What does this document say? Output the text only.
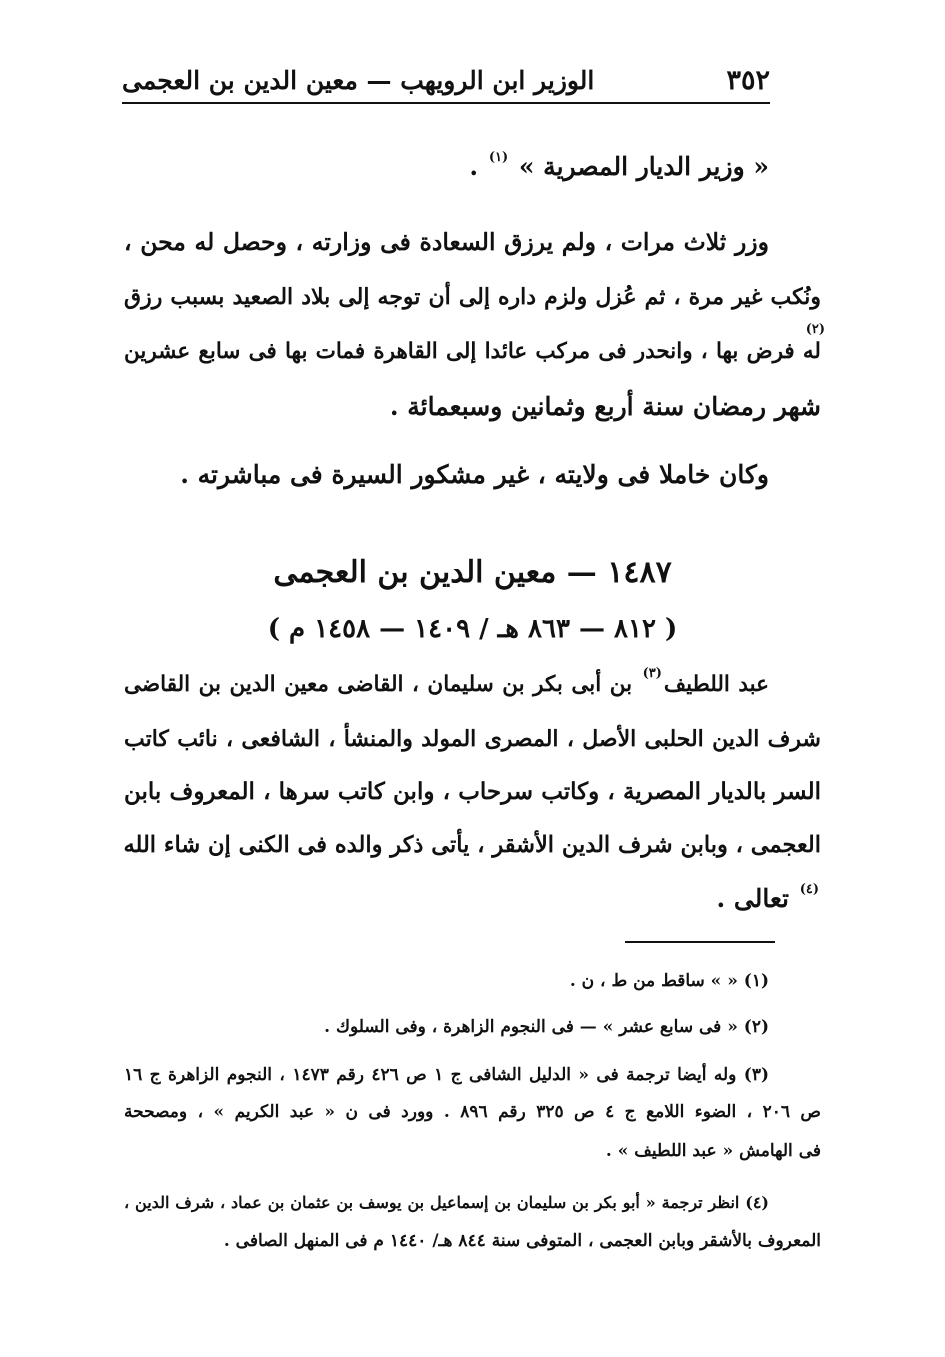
٣٥٢
الوزير ابن الرويهب — معين الدين بن العجمى
« وزير الديار المصرية » $^{(١)}$ .
وزر ثلاث مرات ، ولم يرزق السعادة فى وزارته ، وحصل له محن ،
ونُكب غير مرة ، ثم عُزل ولزم داره إلى أن توجه إلى بلاد الصعيد بسبب رزق
(٢)
له فرض بها ، وانحدر فى مركب عائدا إلى القاهرة فمات بها فى سابع عشرين
شهر رمضان سنة أربع وثمانين وسبعمائة .
وكان خاملا فى ولايته ، غير مشكور السيرة فى مباشرته .
١٤٨٧ — معين الدين بن العجمى
( ٨١٢ — ٨٦٣ هـ / ١٤٠٩ — ١٤٥٨ م )
عبد اللطيف$^{(٣)}$ بن أبى بكر بن سليمان ، القاضى معين الدين بن القاضى
شرف الدين الحلبى الأصل ، المصرى المولد والمنشأ ، الشافعى ، نائب كاتب
السر بالديار المصرية ، وكاتب سرحاب ، وابن كاتب سرها ، المعروف بابن
العجمى ، وبابن شرف الدين الأشقر ، يأتى ذكر والده فى الكنى إن شاء الله
$^{(٤)}$ تعالى .
(١) « » ساقط من ط ، ن .
(٢) « فى سابع عشر » — فى النجوم الزاهرة ، وفى السلوك .
(٣) وله أيضا ترجمة فى « الدليل الشافى ج ١ ص ٤٢٦ رقم ١٤٧٣ ، النجوم الزاهرة ج ١٦
ص ٢٠٦ ، الضوء اللامع ج ٤ ص ٣٢٥ رقم ٨٩٦ . وورد فى ن « عبد الكريم » ، ومصححة
فى الهامش « عبد اللطيف » .
(٤) انظر ترجمة « أبو بكر بن سليمان بن إسماعيل بن يوسف بن عثمان بن عماد ، شرف الدين ،
المعروف بالأشقر وبابن العجمى ، المتوفى سنة ٨٤٤ هـ/ ١٤٤٠ م فى المنهل الصافى .
